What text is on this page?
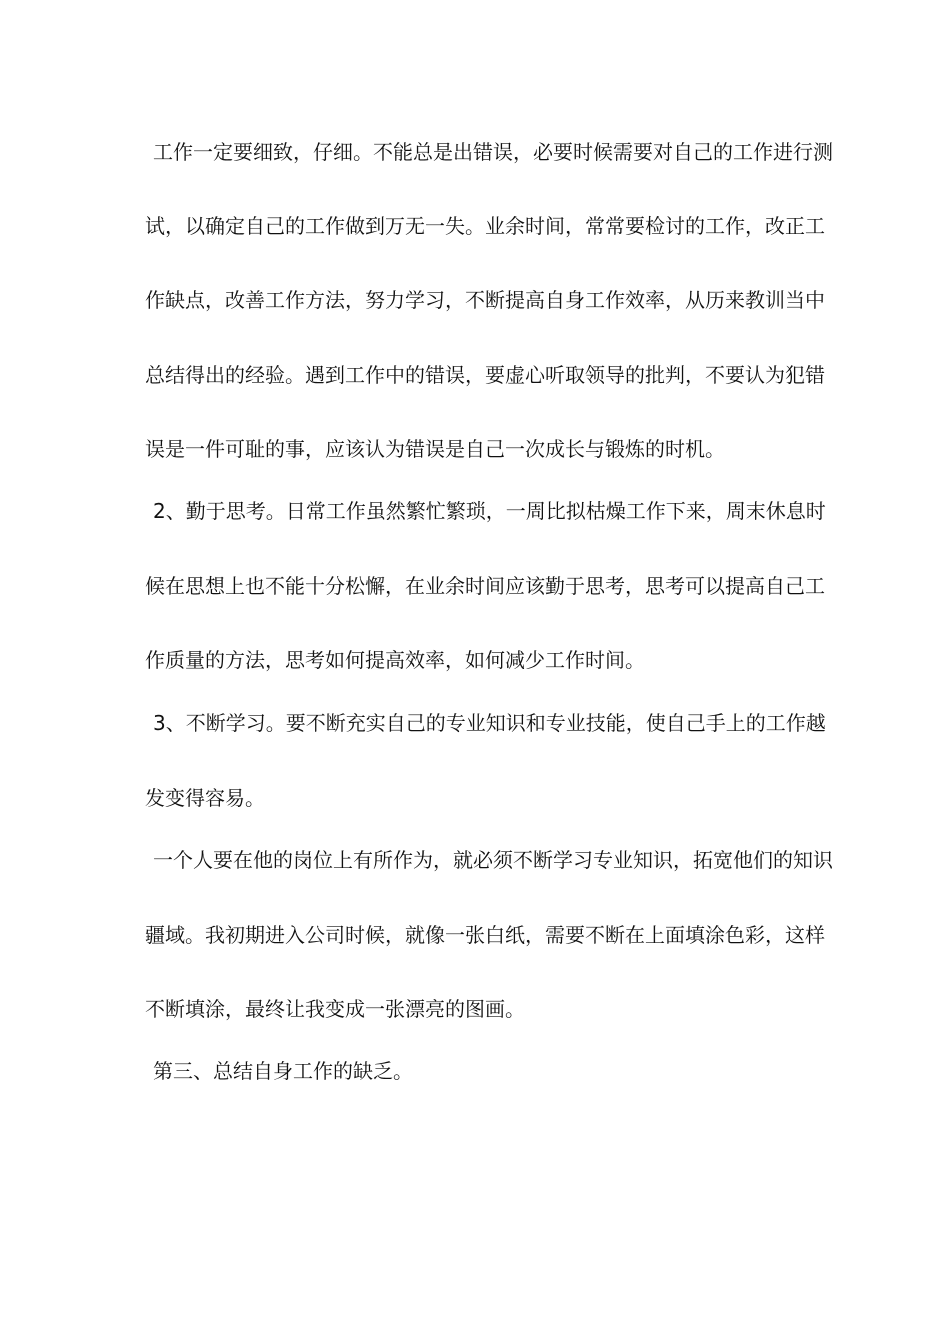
工作一定要细致，仔细。不能总是出错误，必要时候需要对自己的工作进行测
试，以确定自己的工作做到万无一失。业余时间，常常要检讨的工作，改正工
作缺点，改善工作方法，努力学习，不断提高自身工作效率，从历来教训当中
总结得出的经验。遇到工作中的错误，要虚心听取领导的批判，不要认为犯错
误是一件可耻的事，应该认为错误是自己一次成长与锻炼的时机。
2、勤于思考。日常工作虽然繁忙繁琐，一周比拟枯燥工作下来，周末休息时
候在思想上也不能十分松懈，在业余时间应该勤于思考，思考可以提高自己工
作质量的方法，思考如何提高效率，如何减少工作时间。
3、不断学习。要不断充实自己的专业知识和专业技能，使自己手上的工作越
发变得容易。
一个人要在他的岗位上有所作为，就必须不断学习专业知识，拓宽他们的知识
疆域。我初期进入公司时候，就像一张白纸，需要不断在上面填涂色彩，这样
不断填涂，最终让我变成一张漂亮的图画。
第三、总结自身工作的缺乏。
